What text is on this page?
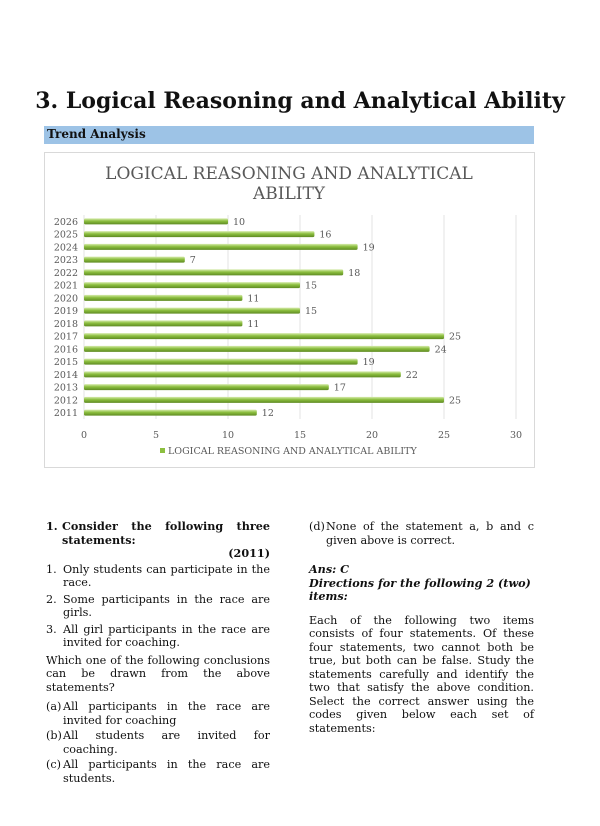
3. Logical Reasoning and Analytical Ability
Trend Analysis
LOGICAL REASONING AND ANALYTICAL
ABILITY
2026
2025
2024
2023
2022
2021
2020
2019
2018
2017
2016
2015
2014
2013
2012
2011
10
16
19
7
18
15
11
15
11
25
24
19
22
17
25
12
0	5	10	15	20	25	30
LOGICAL REASONING AND ANALYTICAL ABILITY
1. Consider the following three statements:
(2011)
1. Only students can participate in the race.
2. Some participants in the race are girls.
3. All girl participants in the race are invited for coaching.
Which one of the following conclusions can be drawn from the above statements?
(a) All participants in the race are invited for coaching
(b) All students are invited for coaching.
(c) All participants in the race are students.
(d) None of the statement a, b and c given above is correct.
Ans: C
Directions for the following 2 (two) items:
Each of the following two items consists of four statements. Of these four statements, two cannot both be true, but both can be false. Study the statements carefully and identify the two that satisfy the above condition. Select the correct answer using the codes given below each set of statements:
